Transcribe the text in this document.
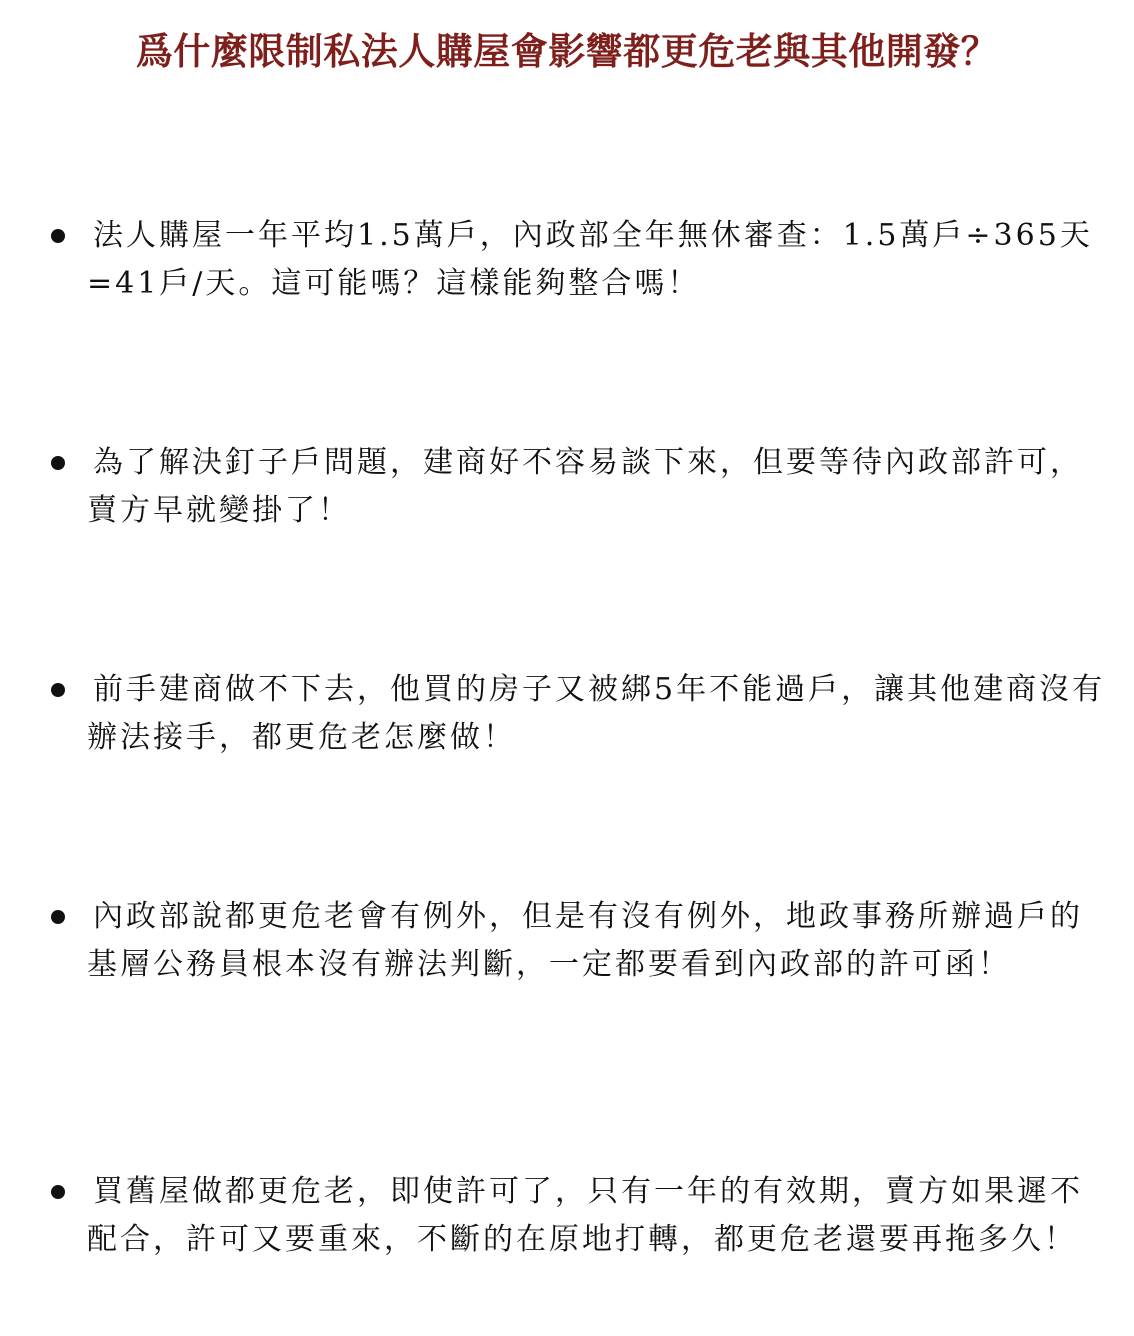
爲什麼限制私法人購屋會影響都更危老與其他開發？
法人購屋一年平均1.5萬戶，內政部全年無休審查：1.5萬戶÷365天=41戶/天。這可能嗎？這樣能夠整合嗎！
為了解決釘子戶問題，建商好不容易談下來，但要等待內政部許可，賣方早就變掛了！
前手建商做不下去，他買的房子又被綁5年不能過戶，讓其他建商沒有辦法接手，都更危老怎麼做！
內政部說都更危老會有例外，但是有沒有例外，地政事務所辦過戶的基層公務員根本沒有辦法判斷，一定都要看到內政部的許可函！
買舊屋做都更危老，即使許可了，只有一年的有效期，賣方如果遲不配合，許可又要重來，不斷的在原地打轉，都更危老還要再拖多久！
